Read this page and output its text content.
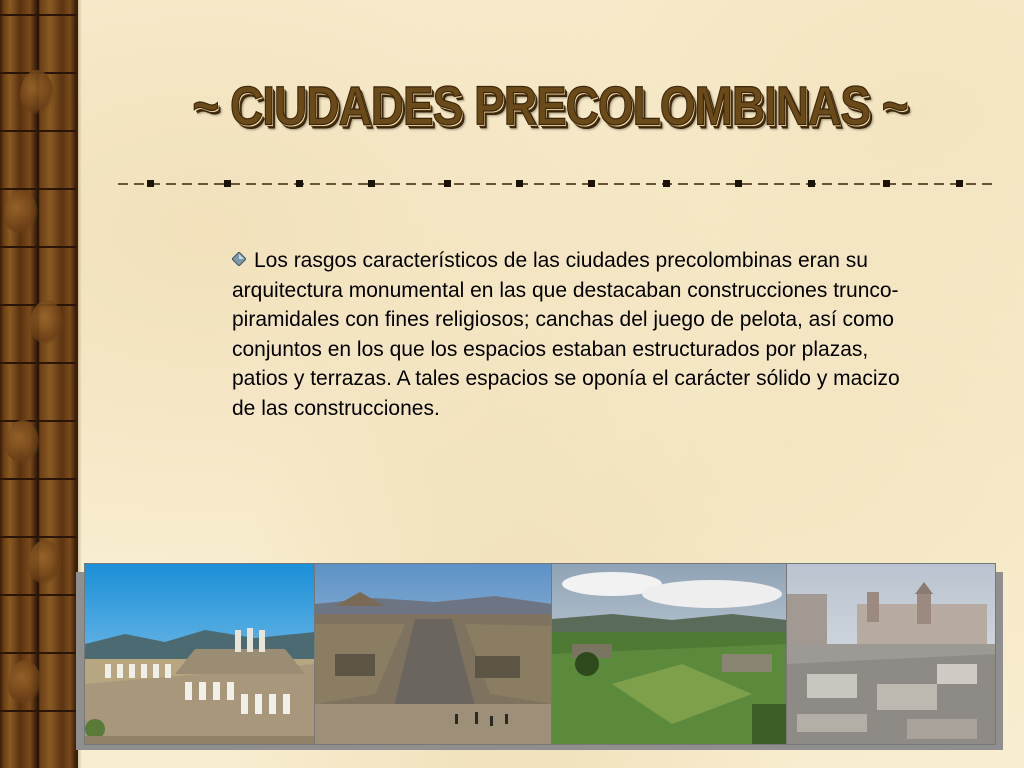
~ CIUDADES PRECOLOMBINAS ~
Los rasgos característicos de las ciudades precolombinas eran su arquitectura monumental en las que destacaban construcciones trunco-piramidales con fines religiosos; canchas del juego de pelota, así como conjuntos en los que los espacios estaban estructurados por plazas, patios y terrazas. A tales espacios se oponía el carácter sólido y macizo de las construcciones.
